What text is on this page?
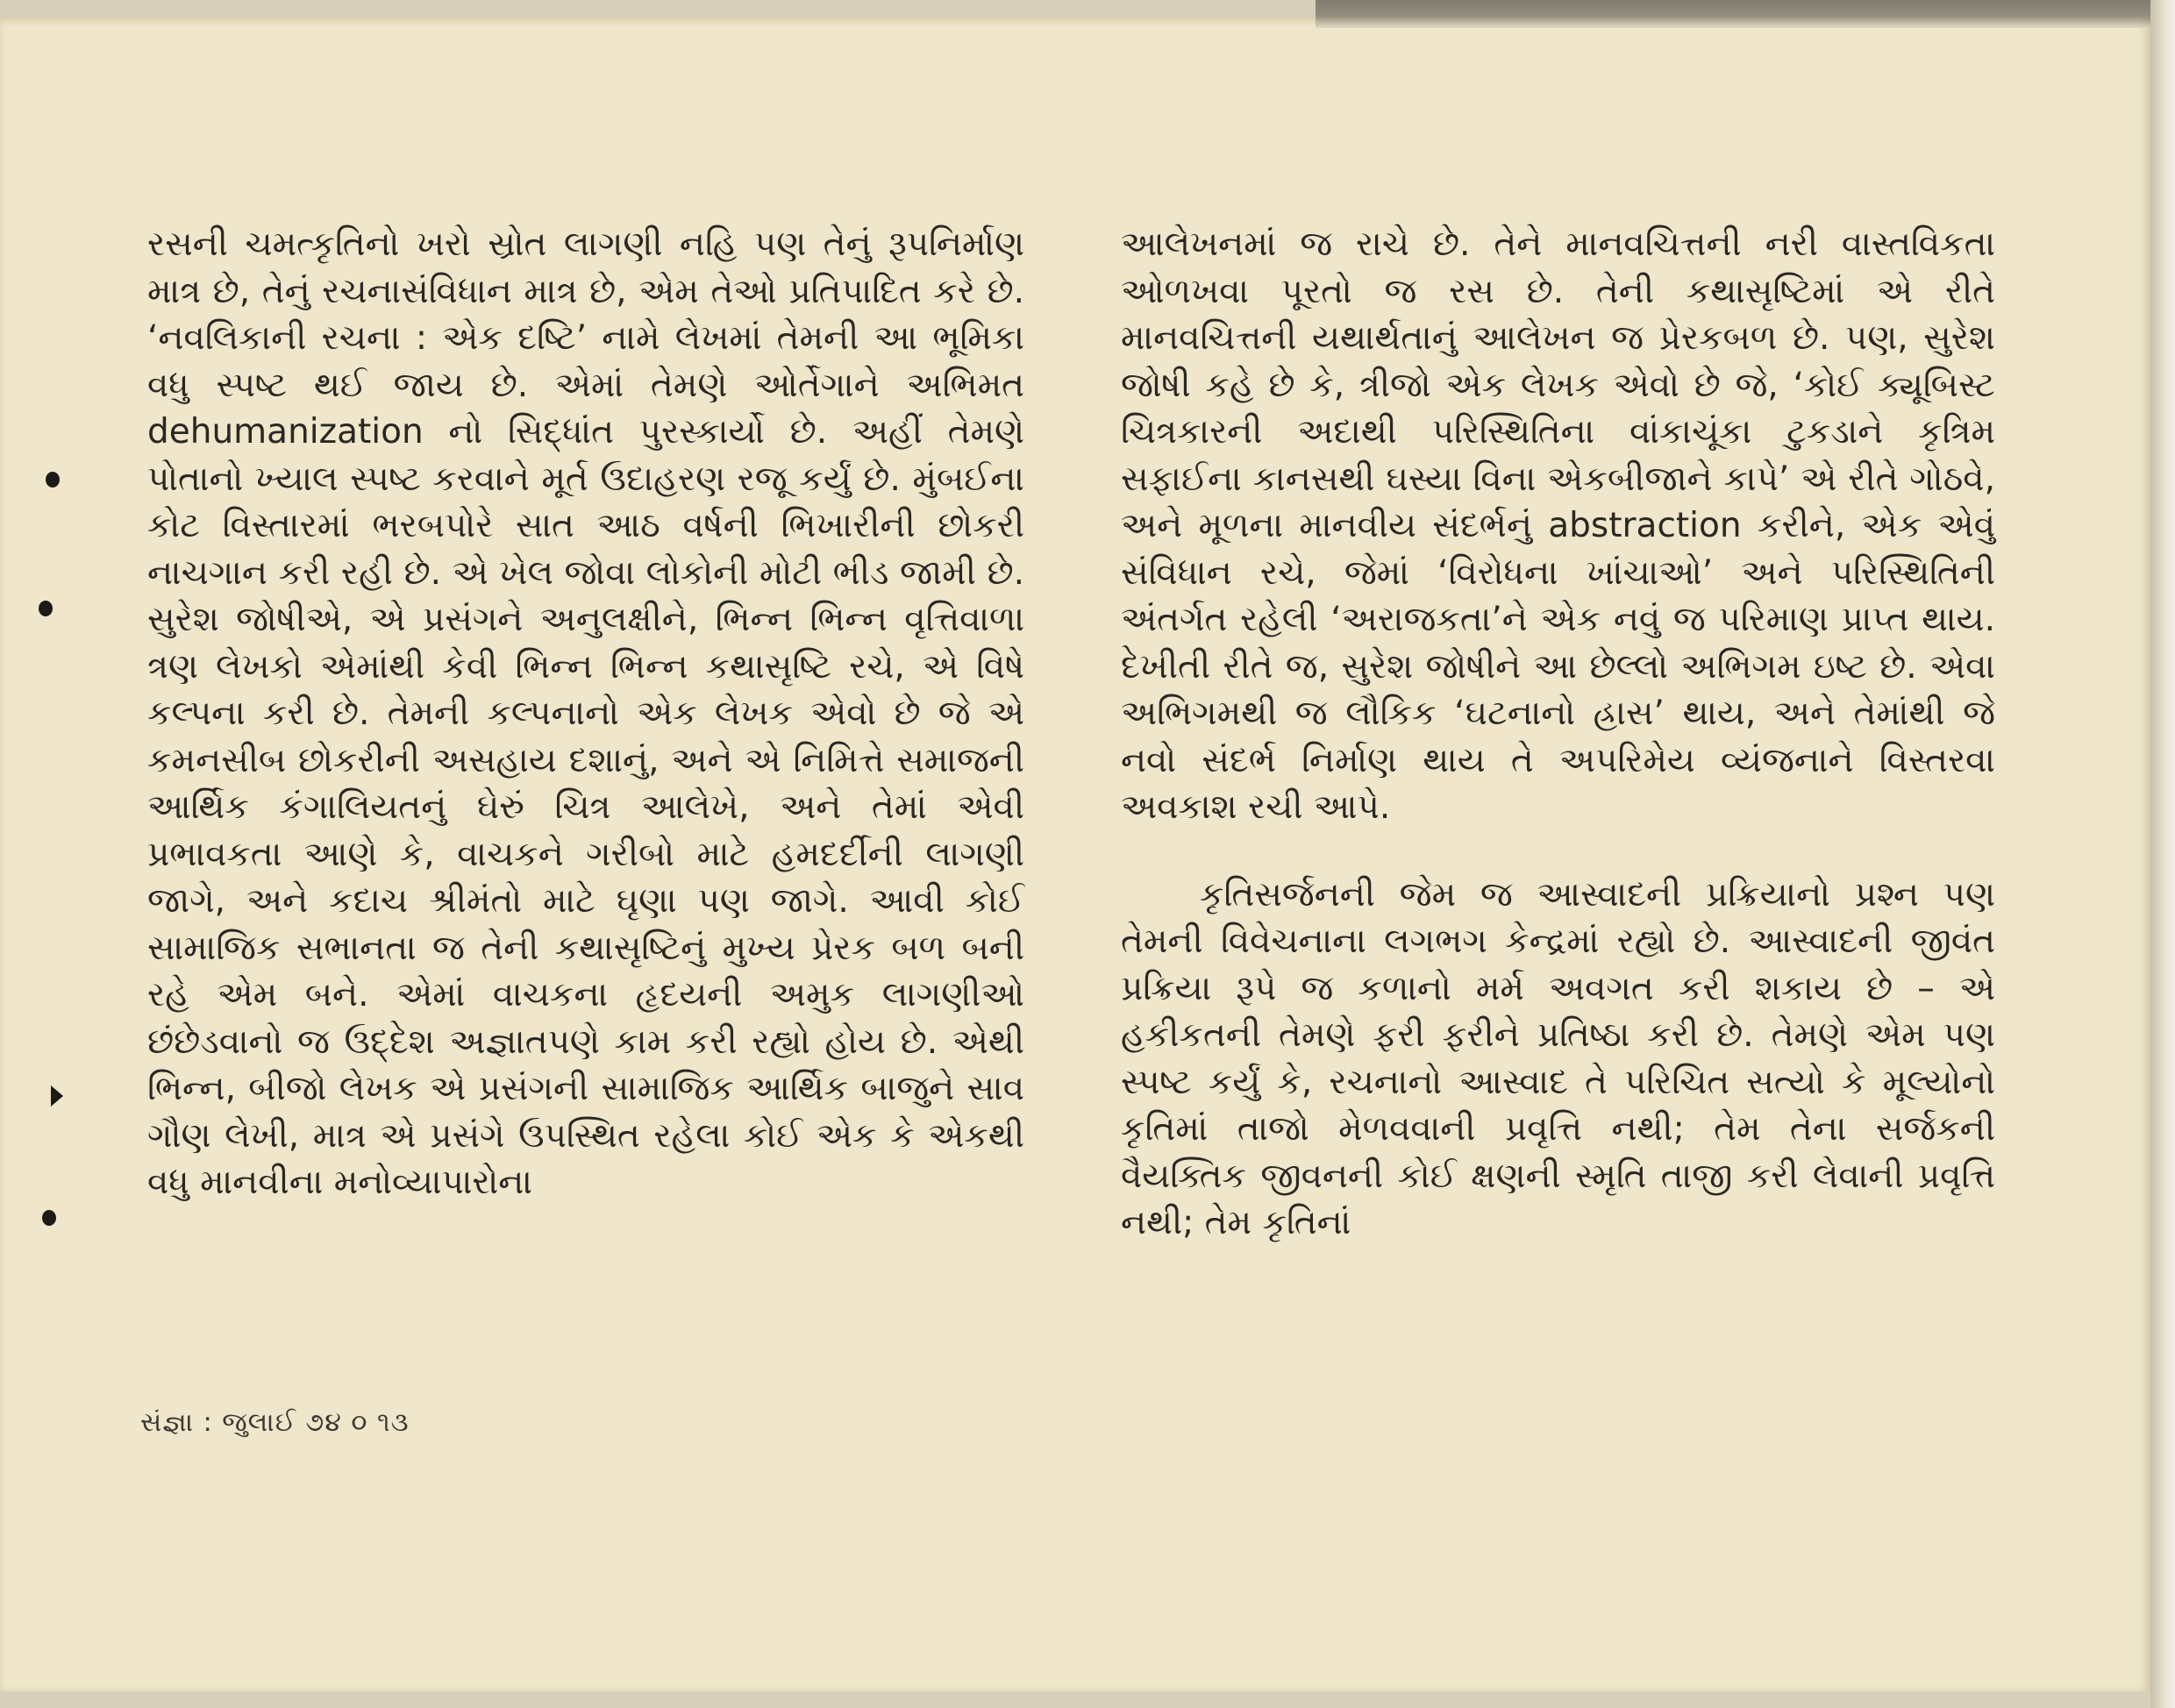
રસની ચમત્કૃતિનો ખરો સ્રોત લાગણી નહિ પણ તેનું રૂપનિર્માણ માત્ર છે, તેનું રચનાસંવિધાન માત્ર છે, એમ તેઓ પ્રતિપાદિત કરે છે. ‘નવલિકાની રચના : એક દષ્ટિ’ નામે લેખમાં તેમની આ ભૂમિકા વધુ સ્પષ્ટ થઈ જાય છે. એમાં તેમણે ઓર્તેગાને અભિમત dehumanization નો સિદ્ધાંત પુરસ્કાર્યો છે. અહીં તેમણે પોતાનો ખ્યાલ સ્પષ્ટ કરવાને મૂર્ત ઉદાહરણ રજૂ કર્યું છે. મુંબઈના કોટ વિસ્તારમાં ભરબપોરે સાત આઠ વર્ષની ભિખારીની છોકરી નાચગાન કરી રહી છે. એ ખેલ જોવા લોકોની મોટી ભીડ જામી છે. સુરેશ જોષીએ, એ પ્રસંગને અનુલક્ષીને, ભિન્ન ભિન્ન વૃત્તિવાળા ત્રણ લેખકો એમાંથી કેવી ભિન્ન ભિન્ન કથાસૃષ્ટિ રચે, એ વિષે કલ્પના કરી છે. તેમની કલ્પનાનો એક લેખક એવો છે જે એ કમનસીબ છોકરીની અસહાય દશાનું, અને એ નિમિત્તે સમાજની આર્થિક કંગાલિયતનું ઘેરું ચિત્ર આલેખે, અને તેમાં એવી પ્રભાવકતા આણે કે, વાચકને ગરીબો માટે હમદર્દીની લાગણી જાગે, અને કદાચ શ્રીમંતો માટે ઘૃણા પણ જાગે. આવી કોઈ સામાજિક સભાનતા જ તેની કથાસૃષ્ટિનું મુખ્ય પ્રેરક બળ બની રહે એમ બને. એમાં વાચકના હૃદયની અમુક લાગણીઓ છંછેડવાનો જ ઉદ્દેશ અજ્ઞાતપણે કામ કરી રહ્યો હોય છે. એથી ભિન્ન, બીજો લેખક એ પ્રસંગની સામાજિક આર્થિક બાજુને સાવ ગૌણ લેખી, માત્ર એ પ્રસંગે ઉપસ્થિત રહેલા કોઈ એક કે એકથી વધુ માનવીના મનોવ્યાપારોના

આલેખનમાં જ રાચે છે. તેને માનવચિત્તની નરી વાસ્તવિકતા ઓળખવા પૂરતો જ રસ છે. તેની કથાસૃષ્ટિમાં એ રીતે માનવચિત્તની યથાર્થતાનું આલેખન જ પ્રેરકબળ છે. પણ, સુરેશ જોષી કહે છે કે, ત્રીજો એક લેખક એવો છે જે, ‘કોઈ ક્યૂબિસ્ટ ચિત્રકારની અદાથી પરિસ્થિતિના વાંકાચૂંકા ટુકડાને કૃત્રિમ સફાઈના કાનસથી ઘસ્યા વિના એકબીજાને કાપે’ એ રીતે ગોઠવે, અને મૂળના માનવીય સંદર્ભનું abstraction કરીને, એક એવું સંવિધાન રચે, જેમાં ‘વિરોધના ખાંચાઓ’ અને પરિસ્થિતિની અંતર્ગત રહેલી ‘અરાજકતા’ને એક નવું જ પરિમાણ પ્રાપ્ત થાય. દેખીતી રીતે જ, સુરેશ જોષીને આ છેલ્લો અભિગમ ઇષ્ટ છે. એવા અભિગમથી જ લૌકિક ‘ઘટનાનો હ્રાસ’ થાય, અને તેમાંથી જે નવો સંદર્ભ નિર્માણ થાય તે અપરિમેય વ્યંજનાને વિસ્તરવા અવકાશ રચી આપે.

કૃતિસર્જનની જેમ જ આસ્વાદની પ્રક્રિયાનો પ્રશ્ન પણ તેમની વિવેચનાના લગભગ કેન્દ્રમાં રહ્યો છે. આસ્વાદની જીવંત પ્રક્રિયા રૂપે જ કળાનો મર્મ અવગત કરી શકાય છે – એ હકીકતની તેમણે ફરી ફરીને પ્રતિષ્ઠા કરી છે. તેમણે એમ પણ સ્પષ્ટ કર્યું કે, રચનાનો આસ્વાદ તે પરિચિત સત્યો કે મૂલ્યોનો કૃતિમાં તાજો મેળવવાની પ્રવૃત્તિ નથી; તેમ તેના સર્જકની વૈયક્તિક જીવનની કોઈ ક્ષણની સ્મૃતિ તાજી કરી લેવાની પ્રવૃત્તિ નથી; તેમ કૃતિનાં

સંજ્ઞા : જુલાઈ ૭૪ ૦ ૧૩
